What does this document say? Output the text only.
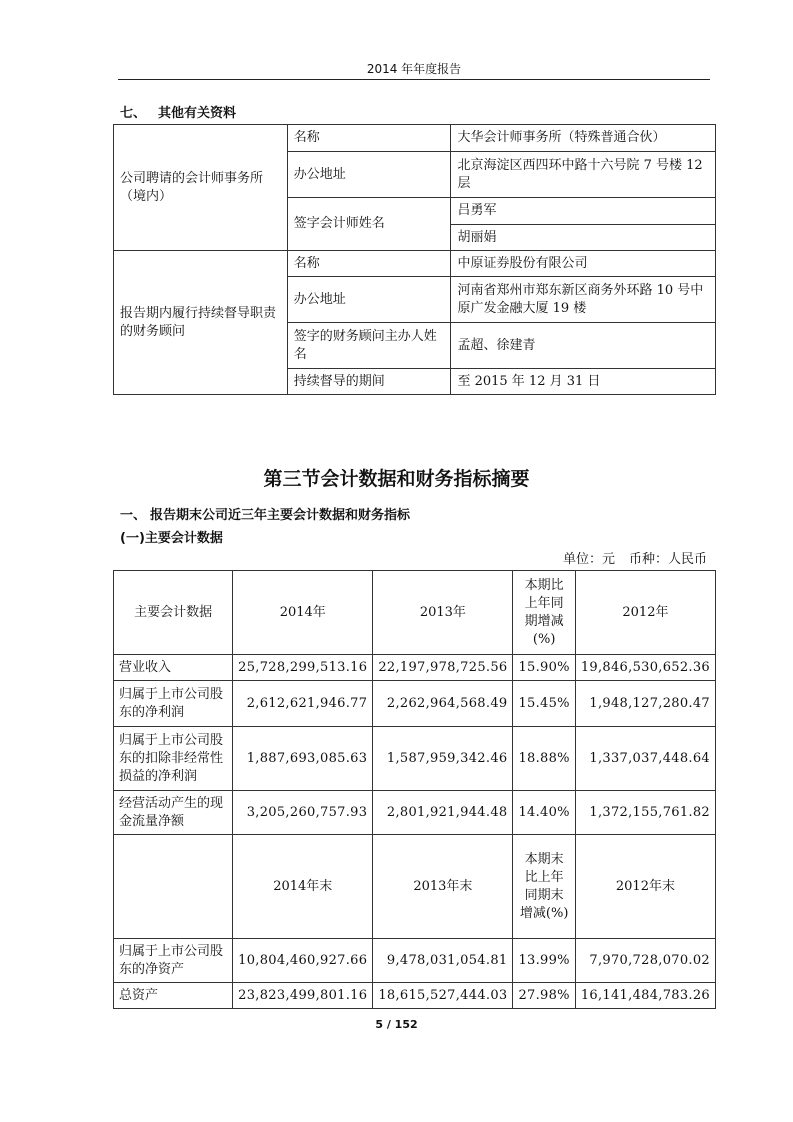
2014 年年度报告
七、 其他有关资料
公司聘请的会计师事务所（境内）	名称	大华会计师事务所（特殊普通合伙）
	办公地址	北京海淀区西四环中路十六号院 7 号楼 12 层
	签字会计师姓名	吕勇军
		胡丽娟
报告期内履行持续督导职责的财务顾问	名称	中原证券股份有限公司
	办公地址	河南省郑州市郑东新区商务外环路 10 号中原广发金融大厦 19 楼
	签字的财务顾问主办人姓名	孟超、徐建青
	持续督导的期间	至 2015 年 12 月 31 日
第三节会计数据和财务指标摘要
一、 报告期末公司近三年主要会计数据和财务指标
(一)主要会计数据
单位：元 币种：人民币
主要会计数据	2014年	2013年	本期比上年同期增减(%)	2012年
营业收入	25,728,299,513.16	22,197,978,725.56	15.90%	19,846,530,652.36
归属于上市公司股东的净利润	2,612,621,946.77	2,262,964,568.49	15.45%	1,948,127,280.47
归属于上市公司股东的扣除非经常性损益的净利润	1,887,693,085.63	1,587,959,342.46	18.88%	1,337,037,448.64
经营活动产生的现金流量净额	3,205,260,757.93	2,801,921,944.48	14.40%	1,372,155,761.82
	2014年末	2013年末	本期末比上年同期末增减(%)	2012年末
归属于上市公司股东的净资产	10,804,460,927.66	9,478,031,054.81	13.99%	7,970,728,070.02
总资产	23,823,499,801.16	18,615,527,444.03	27.98%	16,141,484,783.26
5 / 152
